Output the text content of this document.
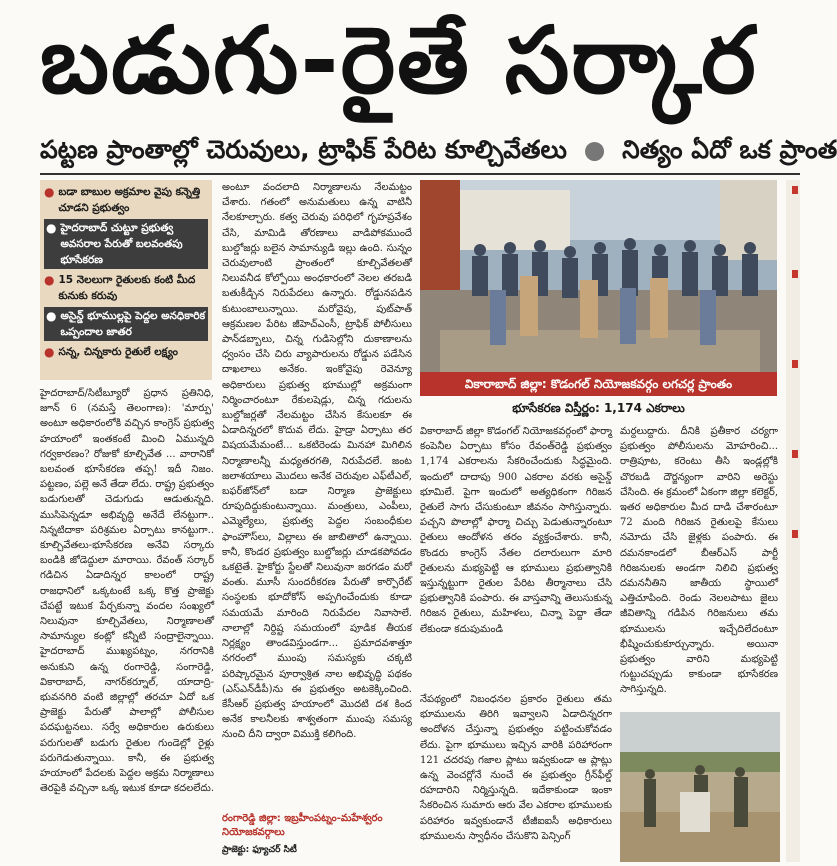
బడుగు-రైతే సర్కార
పట్టణ ప్రాంతాల్లో చెరువులు, ట్రాఫిక్ పేరిట కూల్చివేతలు ● నిత్యం ఏదో ఒక ప్రాంత
● బడా బాబుల అక్రమాల వైపు కన్నెత్తి చూడని ప్రభుత్వం
● హైదరాబాద్ చుట్టూ ప్రభుత్వ అవసరాల పేరుతో బలవంతపు భూసేకరణ
● 15 నెలలుగా రైతులకు కంటి మీద కునుకు కరువు
● అసైన్డ్ భూముల్లపై పెద్దల అనధికారిక ఒప్పందాల జాతర
● సన్న, చిన్నకారు రైతులే లక్ష్యం

హైదరాబాద్/సిటీబ్యూరో ప్రధాన ప్రతినిధి, జూన్ 6 (నమస్తే తెలంగాణ): 'మార్పు' అంటూ అధికారంలోకి వచ్చిన కాంగ్రెస్ ప్రభుత్వ హయాంలో ఇంతకంటే మించి ఏమున్నది గర్వకారణం? రోజుకో కూల్చివేత ... వారానికో బలవంత భూసేకరణ తప్ప! ఇదీ నిజం. పట్టణం, పల్లె అనే తేడా లేదు. రాష్ట్ర ప్రభుత్వం బడుగులతో చెడుగుడు ఆడుతున్నది. ముసిపెన్నడూ అభివృద్ధి అనేదే లేనట్టుగా.. నిన్నటిదాకా పరిశ్రమల ఏర్పాటు కానట్టుగా.. కూల్చివేతలు-భూసేకరణ అనేవి సర్కారు బండికి జోడెద్దులా మారాయి. రేవంత్ సర్కార్ గడిచిన ఏడాదిన్నర కాలంలో రాష్ట్ర రాజధానిలో ఒక్కటంటే ఒక్క కొత్త ప్రాజెక్టు చేపట్టే ఇటుక పేర్చకున్నా వందల సంఖ్యలో నిలువునా కూల్చివేతలు, నిర్మాణాలతో సామాన్యుల కంట్లో కన్నీటి సంద్రాలైన్నాయి. హైదరాబాద్ ముఖ్యపట్నం, నగరానికి అనుకుని ఉన్న రంగారెడ్డి, సంగారెడ్డి, వికారాబాద్, నాగర్‌కర్నూల్, యాదాద్రి-భువనగిరి వంటి జిల్లాల్లో తరచూ ఏదో ఒక ప్రాజెక్టు పేరుతో పాలాల్లో పోలీసుల పదఘట్టనలు. సర్వే అధికారుల ఉరుకులు పరుగులతో బడుగు రైతుల గుండెల్లో రైళ్లు పరుగెడుతున్నాయి. కానీ, ఈ ప్రభుత్వ హయాంలో పేదలకు పెద్దల అక్రమ నిర్మాణాలు తెరపైకి వచ్చినా ఒక్క ఇటుక కూడా కదలలేదు.

అంటూ వందలాది నిర్మాణాలను నేలమట్టం చేశారు. గతంలో అనుమతులు ఉన్న వాటినీ నేలకూల్చారు. కత్వ చెరువు పరిధిలో గృహప్రవేశం చేసి, మామిడి తోరణాలు వాడిపోకముందే బుల్డోజర్లు బలైన సామాన్యుడి ఇల్లు ఉంది. సున్నం చెరువులాంటి ప్రాంతంలో కూల్చివేతలతో నిలువనీడ కోల్పోయి అంధకారంలో నెలల తరబడి బతుకీడ్చిన నిరుపేదలు ఉన్నారు. రోడ్డునపడిన కుటుంబాలున్నాయి. మరోవైపు, పుట్‌పాత్ ఆక్రమణల పేరిట జీహెచ్ఎంసీ, ట్రాఫిక్ పోలీసులు పాన్‌డబ్బాలు, చిన్న గుడిసెల్లోని దుకాణాలను ధ్వంసం చేసి చిరు వ్యాపారులను రోడ్డున పడేసిన దాఖలాలు అనేకం. ఇంకోవైపు రెవెన్యూ అధికారులు ప్రభుత్వ భూముల్లో అక్రమంగా నిర్మించారంటూ రేకులషెడ్లు, చిన్న గదులను బుల్డోజర్లతో నేలమట్టం చేసిన కేసులకూ ఈ ఏడాదిన్నరలో కొదువ లేదు. హైడ్రా ఏర్పాటు తర విషయమేమంటే... ఒకటిరెండు మినహా మిగిలిన నిర్మాణాలన్నీ మధ్యతరగతి, నిరుపేదలే. జంట జలాశయాలు మొదలు అనేక చెరువుల ఎఫ్‌టీఎల్, బఫర్‌జోన్‌లో బడా నిర్మాణ ప్రాజెక్టులు రూపుదిద్దుకుంటున్నాయి. మంత్రులు, ఎంపీలు, ఎమ్మెల్యేలు, ప్రభుత్వ పెద్దల సంబంధీకుల ఫాంహౌస్‌లు, విల్లాలు ఈ జాబితాలో ఉన్నాయి. కానీ, కొండర ప్రభుత్వం బుల్డోజర్లు చూడకపోవడం ఒకటైతే. హైకోర్టు స్టేలతో నిలువునా జరగడం మరో వంతు. మూసీ సుందరీకరణ పేరుతో కార్పొరేట్ సంస్థలకు భూదోకోస్ అప్పగించేందుకు కూడా సమయమే మారింది నిరుపేదల నివాసాలే. నాలాల్లో నిర్దిష్ట సమయంలో పూడిక తీయక నిర్లక్ష్యం తాండవిస్తుండగా... ప్రమాదవశాత్తూ నగరంలో ముంపు సమస్యకు చక్కటి పరిష్కారమైన పూర్వాశ్రిత నాల అభివృద్ధి పథకం (ఎస్ఎన్‌డీపీ)ను ఈ ప్రభుత్వం అటకెక్కించింది. కేసీఆర్ ప్రభుత్వ హయాంలో మొదటి దశ కింద అనేక కాలనీలకు శాశ్వతంగా ముంపు సమస్య నుంచి దీని ద్వారా విముక్తి కలిగింది.

రంగారెడ్డి జిల్లా: ఇబ్రహీంపట్నం-మహేశ్వరం నియోజకవర్గాలు
ప్రాజెక్టు: ఫ్యూచర్ సిటీ
వికారాబాద్ జిల్లా: కొడంగల్ నియోజకవర్గం లగచర్ల ప్రాంతం
భూసేకరణ విస్తీర్ణం: 1,174 ఎకరాలు

వికారాబాద్ జిల్లా కొడంగల్ నియోజకవర్గంలో ఫార్మా కంపెనీల ఏర్పాటు కోసం రేవంత్‌రెడ్డి ప్రభుత్వం 1,174 ఎకరాలను సేకరించేందుకు సిద్ధమైంది. ఇందులో దాదాపు 900 ఎకరాల వరకు అసైన్డ్ భూమిలే. పైగా ఇందులో అత్యధికంగా గిరిజన రైతులే సాగు చేసుకుంటూ జీవనం సాగిస్తున్నారు. పచ్చని పొలాల్లో ఫార్మా చిచ్చు పెడుతున్నారంటూ రైతులు ఆందోళన తరం వ్యక్తంచేశారు. కానీ, కొండరు కాంగ్రెస్ నేతల దలారులుగా మారి రైతులను మభ్యపెట్టి ఆ భూములు ప్రభుత్వానికి ఇస్తున్నట్టుగా రైతుల పేరిట తీర్మానాలు చేసి ప్రభుత్వానికి పంపారు. ఈ వాస్తవాన్ని తెలుసుకున్న గిరిజన రైతులు, మహిళలు, చిన్నా పెద్దా తేడా లేకుండా కదుపుమండి

మర్దలుద్దారు. దీనికి ప్రతీకార చర్యగా ప్రభుత్వం పోలీసులను మోహరించి... రాత్రిపూట, కరెంటు తీసి ఇండ్లల్లోకి చొరబడి దౌర్జన్యంగా వారిని అరెస్టు చేసింది. ఈ క్రమంలో ఏకంగా జిల్లా కలెక్టర్, ఇతర అధికారుల మీద దాడి చేశారంటూ 72 మంది గిరిజన రైతులపై కేసులు నమోదు చేసి జైళ్లకు పంపారు. ఈ దమనకాండలో బీఆర్ఎస్ పార్టీ గిరిజనులకు అండగా నిలిచి ప్రభుత్వ దమననీతిని జాతీయ స్థాయిలో ఎత్తిచూపింది. రెండు నెలలపాటు జైలు జీవితాన్ని గడిపిన గిరిజనులు తమ భూములను ఇచ్చేదిలేదంటూ భీష్మించుకుకూర్చున్నారు. అయినా ప్రభుత్వం వారిని మభ్యపెట్టి గుట్టుచప్పుడు కాకుండా భూసేకరణ సాగిస్తున్నది.

నేపథ్యంలో నిబంధనల ప్రకారం రైతులు తమ భూములను తిరిగి ఇవ్వాలని ఏడాదిన్నరగా అందోళన చేస్తున్నా ప్రభుత్వం పట్టించుకోవడం లేదు. పైగా భూములు ఇచ్చిన వారికి పరిహారంగా 121 చదరపు గజాల ప్లాటు ఇవ్వకుండా ఆ ప్లాట్లు ఉన్న వెంచర్లోనే నుంచే ఈ ప్రభుత్వం గ్రీన్‌ఫీల్డ్ రహదారిని నిర్మిస్తున్నది. ఇదేకాకుండా ఇంకా సేకరించిన సుమారు ఆరు వేల ఎకరాల భూములకు పరిహారం ఇవ్వకుండానే టీజీఐఐసీ అధికారులు భూములను స్వాధీనం చేసుకొని పెన్సింగ్
